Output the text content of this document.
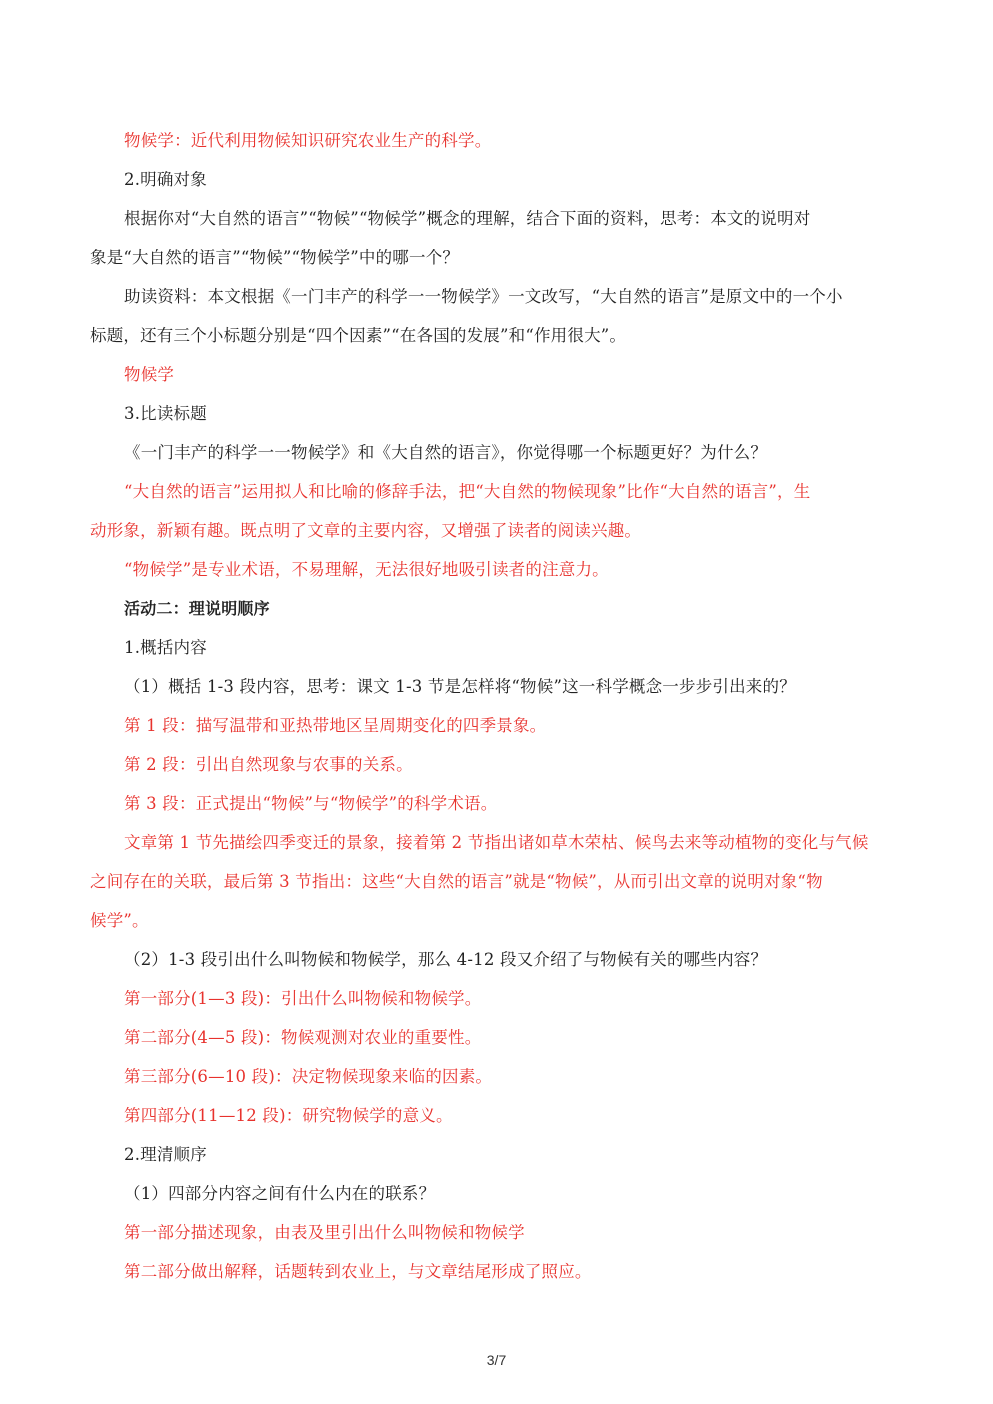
物候学：近代利用物候知识研究农业生产的科学。
2.明确对象
根据你对“大自然的语言”“物候”“物候学”概念的理解，结合下面的资料，思考：本文的说明对
象是“大自然的语言”“物候”“物候学”中的哪一个？
助读资料：本文根据《一门丰产的科学一一物候学》一文改写，“大自然的语言”是原文中的一个小
标题，还有三个小标题分别是“四个因素”“在各国的发展”和“作用很大”。
物候学
3.比读标题
《一门丰产的科学一一物候学》和《大自然的语言》，你觉得哪一个标题更好？为什么？
“大自然的语言”运用拟人和比喻的修辞手法，把“大自然的物候现象”比作“大自然的语言”，生
动形象，新颖有趣。既点明了文章的主要内容，又增强了读者的阅读兴趣。
“物候学”是专业术语，不易理解，无法很好地吸引读者的注意力。
活动二：理说明顺序
1.概括内容
（1）概括 1-3 段内容，思考：课文 1-3 节是怎样将“物候”这一科学概念一步步引出来的？
第 1 段：描写温带和亚热带地区呈周期变化的四季景象。
第 2 段：引出自然现象与农事的关系。
第 3 段：正式提出“物候”与“物候学”的科学术语。
文章第 1 节先描绘四季变迁的景象，接着第 2 节指出诸如草木荣枯、候鸟去来等动植物的变化与气候
之间存在的关联，最后第 3 节指出：这些“大自然的语言”就是“物候”，从而引出文章的说明对象“物
候学”。
（2）1-3 段引出什么叫物候和物候学，那么 4-12 段又介绍了与物候有关的哪些内容？
第一部分(1—3 段)：引出什么叫物候和物候学。
第二部分(4—5 段)：物候观测对农业的重要性。
第三部分(6—10 段)：决定物候现象来临的因素。
第四部分(11—12 段)：研究物候学的意义。
2.理清顺序
（1）四部分内容之间有什么内在的联系？
第一部分描述现象，由表及里引出什么叫物候和物候学
第二部分做出解释，话题转到农业上，与文章结尾形成了照应。
3/7
